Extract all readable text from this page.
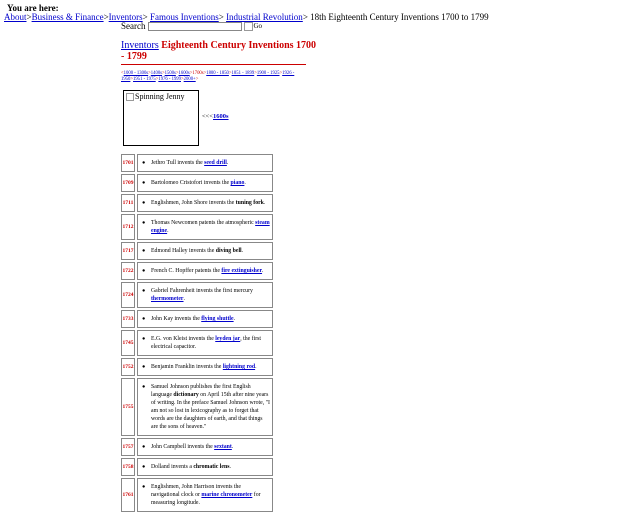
You are here:
About>Business & Finance>Inventors> Famous Inventions> Industrial Revolution> 18th Eighteenth Century Inventions 1700 to 1799
Search	Go
Inventors Eighteenth Century Inventions 1700 - 1799
<1000 - 1300s>1400s>1500s>1600s>1700s>1800 - 1850>1851 - 1899>1900 - 1925>1926 - 1950>1951 - 1975>1976 - 1999>2000+>
Spinning Jenny
<<<1600s
1701 ● Jethro Tull invents the seed drill.
1709 ● Bartolomeo Cristofori invents the piano.
1711	● Englishmen, John Shore invents the tuning fork.
1712
● Thomas Newcomen patents the atmospheric steam engine.
1717 ● Edmond Halley invents the diving bell.
1722 ● French C. Hopffer patents the fire extinguisher.
1724
● Gabriel Fahrenheit invents the first mercury thermometer.
1733 ● John Kay invents the flying shuttle.
1745
● E.G. von Kleist invents the leyden jar, the first electrical capacitor.
1752 ● Benjamin Franklin invents the lightning rod.
1755
● Samuel Johnson publishes the first English language dictionary on April 15th after nine years of writing. In the preface Samuel Johnson wrote, "I am not so lost in lexicography as to forget that words are the daughters of earth, and that things are the sons of heaven."
1757 ● John Campbell invents the sextant.
1758 ● Dolland invents a chromatic lens.
1761
● Englishmen, John Harrison invents the navigational clock or marine chronometer for measuring longitude.
